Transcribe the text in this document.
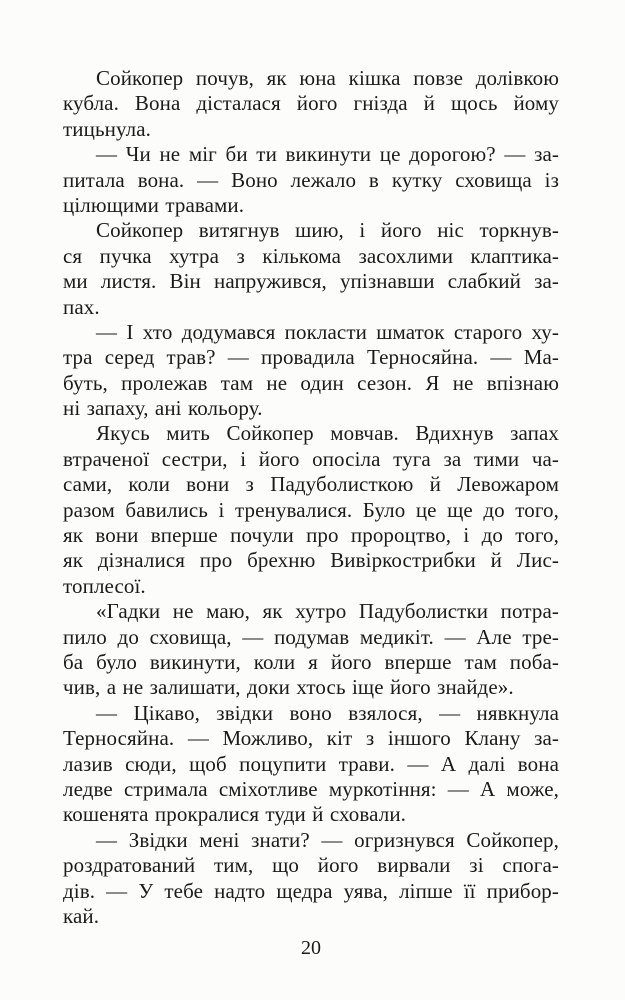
Сойкопер почув, як юна кішка повзе долівкою
кубла. Вона дісталася його гнізда й щось йому
тицьнула.
— Чи не міг би ти викинути це дорогою? — за-
питала вона. — Воно лежало в кутку сховища із
цілющими травами.
Сойкопер витягнув шию, і його ніс торкнув-
ся пучка хутра з кількома засохлими клаптика-
ми листя. Він напружився, упізнавши слабкий за-
пах.
— І хто додумався покласти шматок старого ху-
тра серед трав? — провадила Терносяйна. — Ма-
буть, пролежав там не один сезон. Я не впізнаю
ні запаху, ані кольору.
Якусь мить Сойкопер мовчав. Вдихнув запах
втраченої сестри, і його опосіла туга за тими ча-
сами, коли вони з Падуболисткою й Левожаром
разом бавились і тренувалися. Було це ще до того,
як вони вперше почули про пророцтво, і до того,
як дізналися про брехню Вивіркострибки й Лис-
топлесої.
«Гадки не маю, як хутро Падуболистки потра-
пило до сховища, — подумав медикіт. — Але тре-
ба було викинути, коли я його вперше там поба-
чив, а не залишати, доки хтось іще його знайде».
— Цікаво, звідки воно взялося, — нявкнула
Терносяйна. — Можливо, кіт з іншого Клану за-
лазив сюди, щоб поцупити трави. — А далі вона
ледве стримала сміхотливе муркотіння: — А може,
кошенята прокралися туди й сховали.
— Звідки мені знати? — огризнувся Сойкопер,
роздратований тим, що його вирвали зі спога-
дів. — У тебе надто щедра уява, ліпше її прибор-
кай.
20
